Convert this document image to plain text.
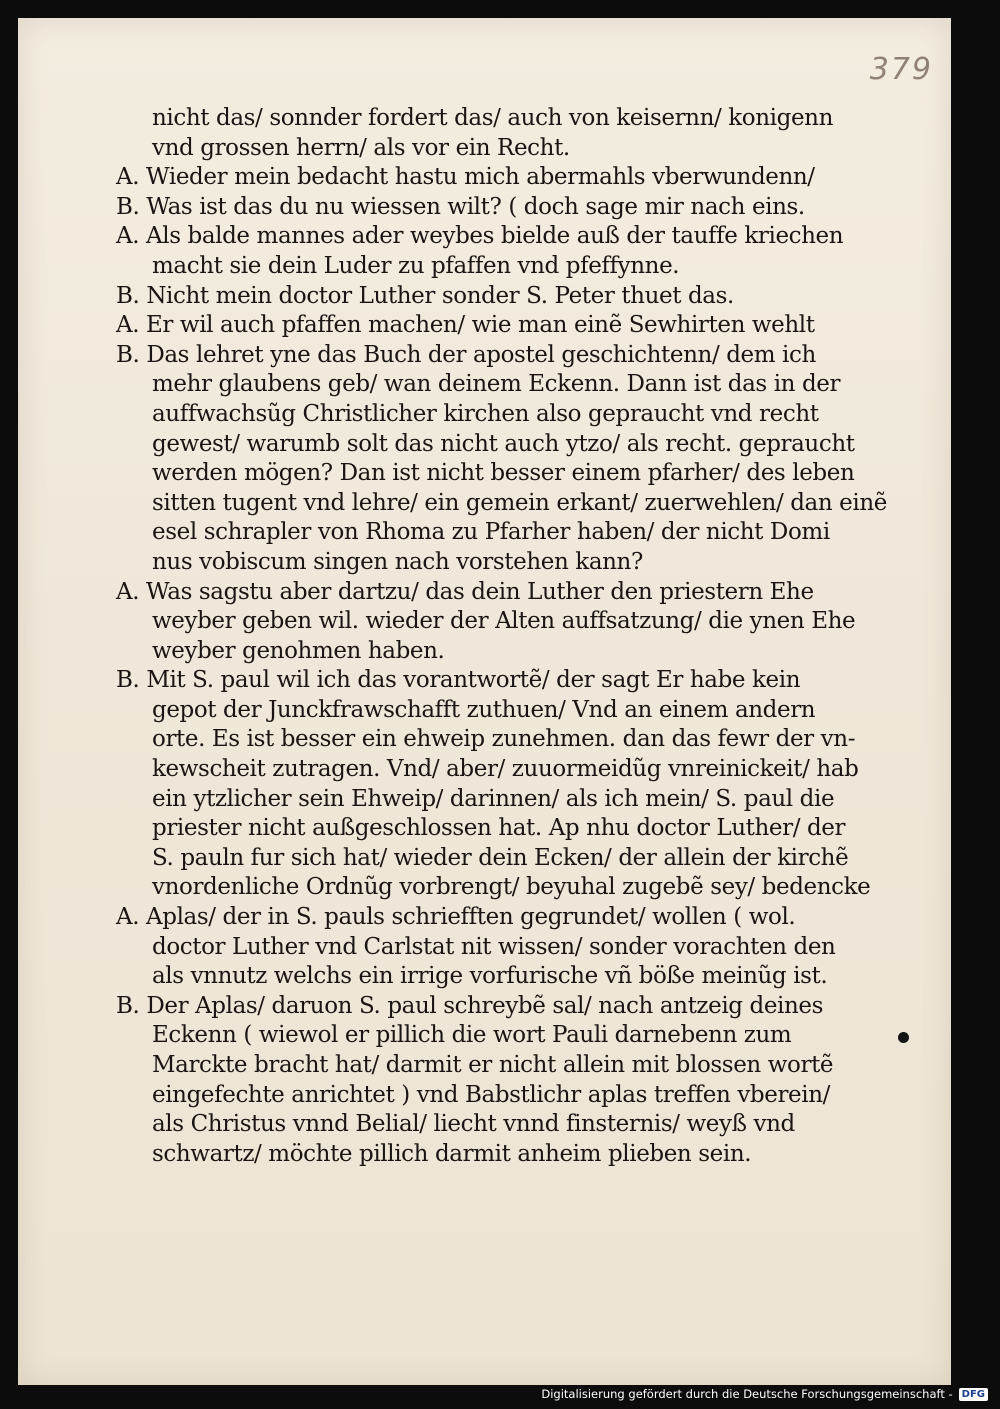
379
nicht das/ sonnder fordert das/ auch von keisernn/ konigenn
vnd grossen herrn/ als vor ein Recht.
A. Wieder mein bedacht hastu mich abermahls vberwundenn/
B. Was ist das du nu wiessen wilt? ( doch sage mir nach eins.
A. Als balde mannes ader weybes bielde auß der tauffe kriechen
macht sie dein Luder zu pfaffen vnd pfeffynne.
B. Nicht mein doctor Luther sonder S. Peter thuet das.
A. Er wil auch pfaffen machen/ wie man einẽ Sewhirten wehlt
B. Das lehret yne das Buch der apostel geschichtenn/ dem ich
mehr glaubens geb/ wan deinem Eckenn. Dann ist das in der
auffwachsũg Christlicher kirchen also gepraucht vnd recht
gewest/ warumb solt das nicht auch ytzo/ als recht. gepraucht
werden mögen? Dan ist nicht besser einem pfarher/ des leben
sitten tugent vnd lehre/ ein gemein erkant/ zuerwehlen/ dan einẽ
esel schrapler von Rhoma zu Pfarher haben/ der nicht Domi
nus vobiscum singen nach vorstehen kann?
A. Was sagstu aber dartzu/ das dein Luther den priestern Ehe
weyber geben wil. wieder der Alten auffsatzung/ die ynen Ehe
weyber genohmen haben.
B. Mit S. paul wil ich das vorantwortẽ/ der sagt Er habe kein
gepot der Junckfrawschafft zuthuen/ Vnd an einem andern
orte. Es ist besser ein ehweip zunehmen. dan das fewr der vn-
kewscheit zutragen. Vnd/ aber/ zuuormeidũg vnreinickeit/ hab
ein ytzlicher sein Ehweip/ darinnen/ als ich mein/ S. paul die
priester nicht außgeschlossen hat. Ap nhu doctor Luther/ der
S. pauln fur sich hat/ wieder dein Ecken/ der allein der kirchẽ
vnordenliche Ordnũg vorbrengt/ beyuhal zugebẽ sey/ bedencke
A. Aplas/ der in S. pauls schriefften gegrundet/ wollen ( wol.
doctor Luther vnd Carlstat nit wissen/ sonder vorachten den
als vnnutz welchs ein irrige vorfurische vñ böße meinũg ist.
B. Der Aplas/ daruon S. paul schreybẽ sal/ nach antzeig deines
Eckenn ( wiewol er pillich die wort Pauli darnebenn zum
Marckte bracht hat/ darmit er nicht allein mit blossen wortẽ
eingefechte anrichtet ) vnd Babstlichr aplas treffen vberein/
als Christus vnnd Belial/ liecht vnnd finsternis/ weyß vnd
schwartz/ möchte pillich darmit anheim plieben sein.
Digitalisierung gefördert durch die Deutsche Forschungsgemeinschaft - DFG
